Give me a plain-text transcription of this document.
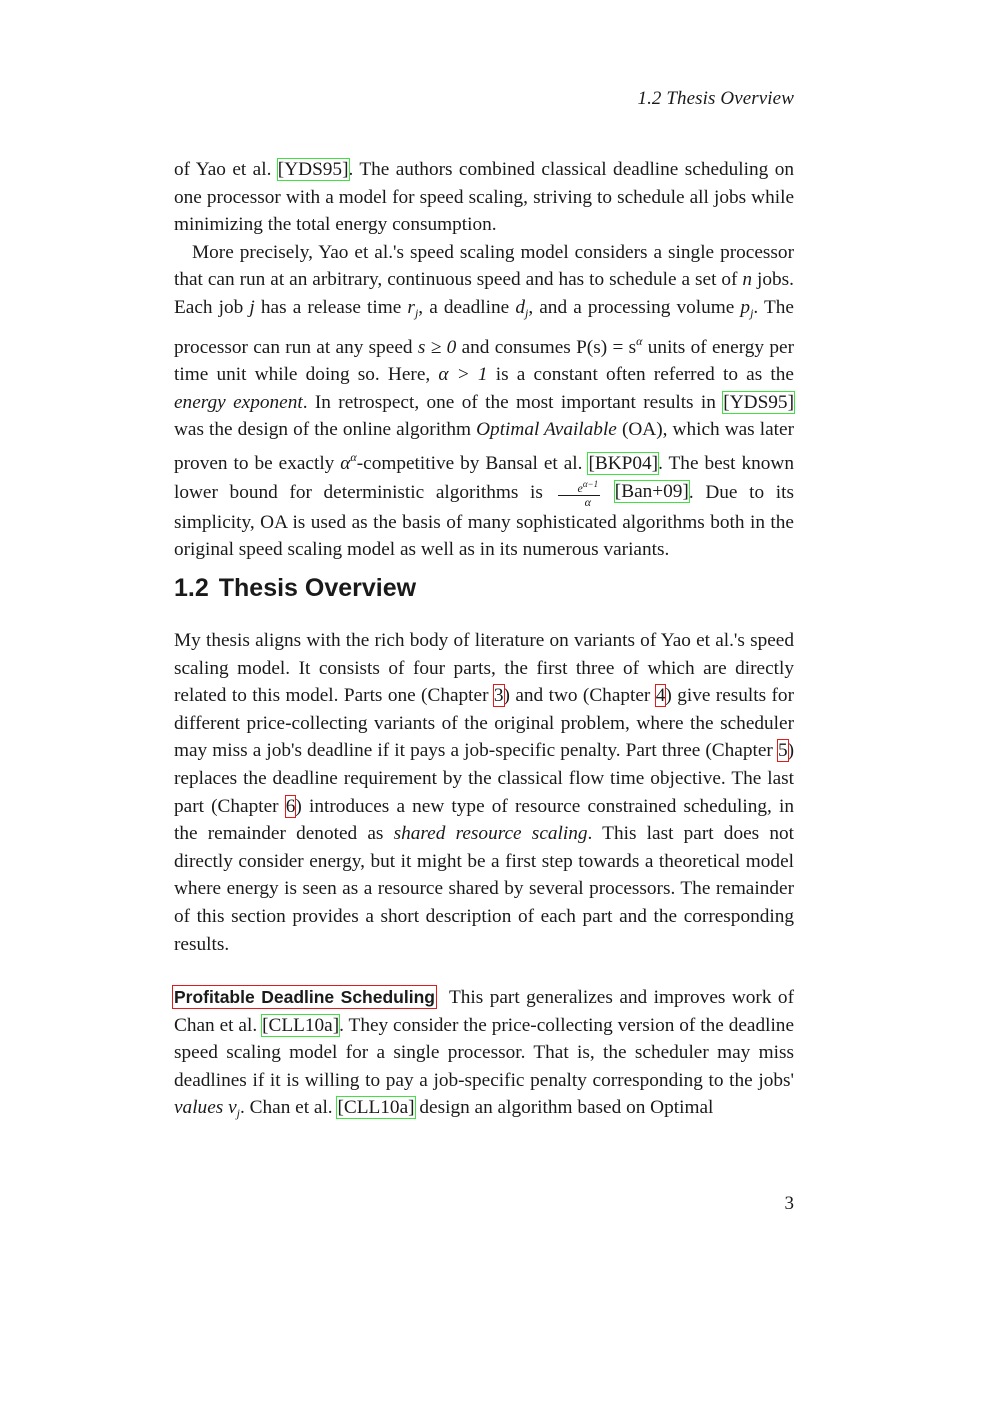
1.2 Thesis Overview

of Yao et al. [YDS95]. The authors combined classical deadline scheduling on one processor with a model for speed scaling, striving to schedule all jobs while minimizing the total energy consumption.

More precisely, Yao et al.'s speed scaling model considers a single processor that can run at an arbitrary, continuous speed and has to schedule a set of n jobs. Each job j has a release time $r_j$, a deadline $d_j$, and a processing volume $p_j$. The processor can run at any speed s ≥ 0 and consumes $P(s) = s^\alpha$ units of energy per time unit while doing so. Here, α > 1 is a constant often referred to as the energy exponent. In retrospect, one of the most important results in [YDS95] was the design of the online algorithm Optimal Available (OA), which was later proven to be exactly $\alpha^\alpha$-competitive by Bansal et al. [BKP04]. The best known lower bound for deterministic algorithms is $\frac{e^{\alpha-1}}{\alpha} [Ban+09]$. Due to its simplicity, OA is used as the basis of many sophisticated algorithms both in the original speed scaling model as well as in its numerous variants.

1.2 Thesis Overview

My thesis aligns with the rich body of literature on variants of Yao et al.'s speed scaling model. It consists of four parts, the first three of which are directly related to this model. Parts one (Chapter 3) and two (Chapter 4) give results for different price-collecting variants of the original problem, where the scheduler may miss a job's deadline if it pays a job-specific penalty. Part three (Chapter 5) replaces the deadline requirement by the classical flow time objective. The last part (Chapter 6) introduces a new type of resource constrained scheduling, in the remainder denoted as shared resource scaling. This last part does not directly consider energy, but it might be a first step towards a theoretical model where energy is seen as a resource shared by several processors. The remainder of this section provides a short description of each part and the corresponding results.

Profitable Deadline Scheduling This part generalizes and improves work of Chan et al. [CLL10a]. They consider the price-collecting version of the deadline speed scaling model for a single processor. That is, the scheduler may miss deadlines if it is willing to pay a job-specific penalty corresponding to the jobs' values $v_j$. Chan et al. [CLL10a] design an algorithm based on Optimal

3
